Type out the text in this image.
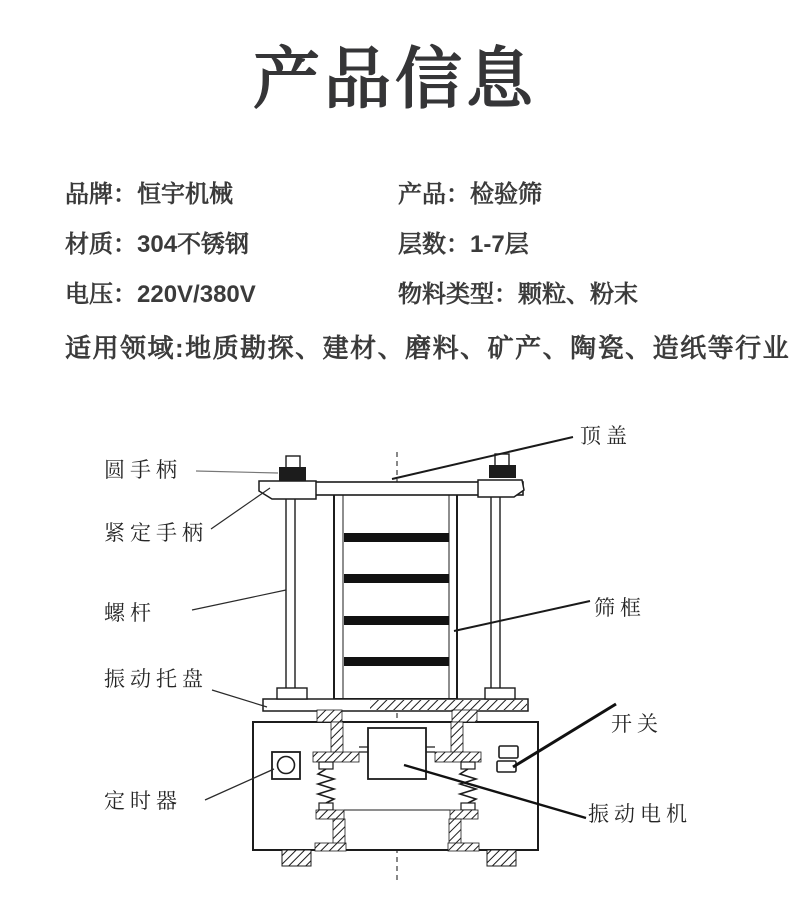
产品信息
品牌：恒宇机械
材质：304不锈钢
电压：220V/380V
产品：检验筛
层数：1-7层
物料类型：颗粒、粉末
适用领域:地质勘探、建材、磨料、矿产、陶瓷、造纸等行业
圆手柄
紧定手柄
螺杆
振动托盘
定时器
顶盖
筛框
开关
振动电机
